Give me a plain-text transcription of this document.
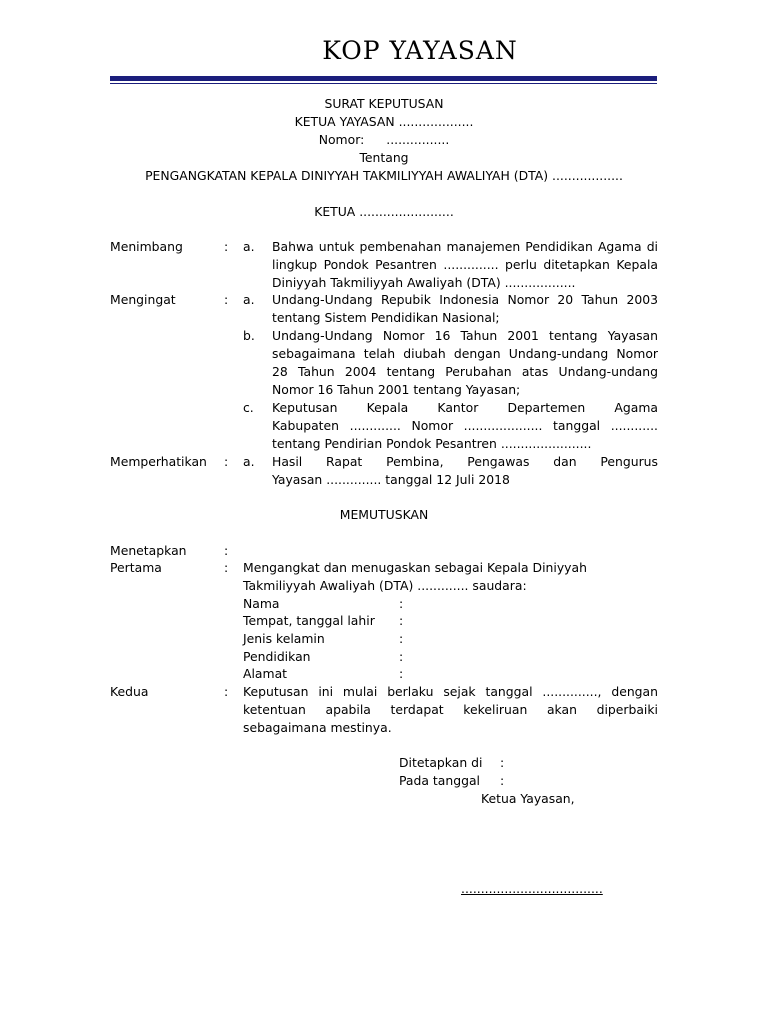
KOP YAYASAN
SURAT KEPUTUSAN
KETUA YAYASAN ...................
Nomor: ................
Tentang
PENGANGKATAN KEPALA DINIYYAH TAKMILIYYAH AWALIYAH (DTA) ..................
KETUA ........................
Menimbang	: a. Bahwa untuk pembenahan manajemen Pendidikan Agama di
lingkup Pondok Pesantren .............. perlu ditetapkan Kepala
Diniyyah Takmiliyyah Awaliyah (DTA) ..................
Mengingat	: a. Undang-Undang Repubik Indonesia Nomor 20 Tahun 2003
tentang Sistem Pendidikan Nasional;
b. Undang-Undang Nomor 16 Tahun 2001 tentang Yayasan
sebagaimana telah diubah dengan Undang-undang Nomor
28 Tahun 2004 tentang Perubahan atas Undang-undang
Nomor 16 Tahun 2001 tentang Yayasan;
c. Keputusan Kepala Kantor Departemen Agama
Kabupaten ............. Nomor .................... tanggal ............
tentang Pendirian Pondok Pesantren .......................
Memperhatikan : a. Hasil Rapat Pembina, Pengawas dan Pengurus
Yayasan .............. tanggal 12 Juli 2018
MEMUTUSKAN
Menetapkan	:
Pertama	: Mengangkat dan menugaskan sebagai Kepala Diniyyah
Takmiliyyah Awaliyah (DTA) ............. saudara:
Nama	:
Tempat, tanggal lahir :
Jenis kelamin	:
Pendidikan	:
Alamat	:
Kedua	: Keputusan ini mulai berlaku sejak tanggal .............., dengan
ketentuan apabila terdapat kekeliruan akan diperbaiki
sebagaimana mestinya.
Ditetapkan di :
Pada tanggal :
Ketua Yayasan,
....................................
